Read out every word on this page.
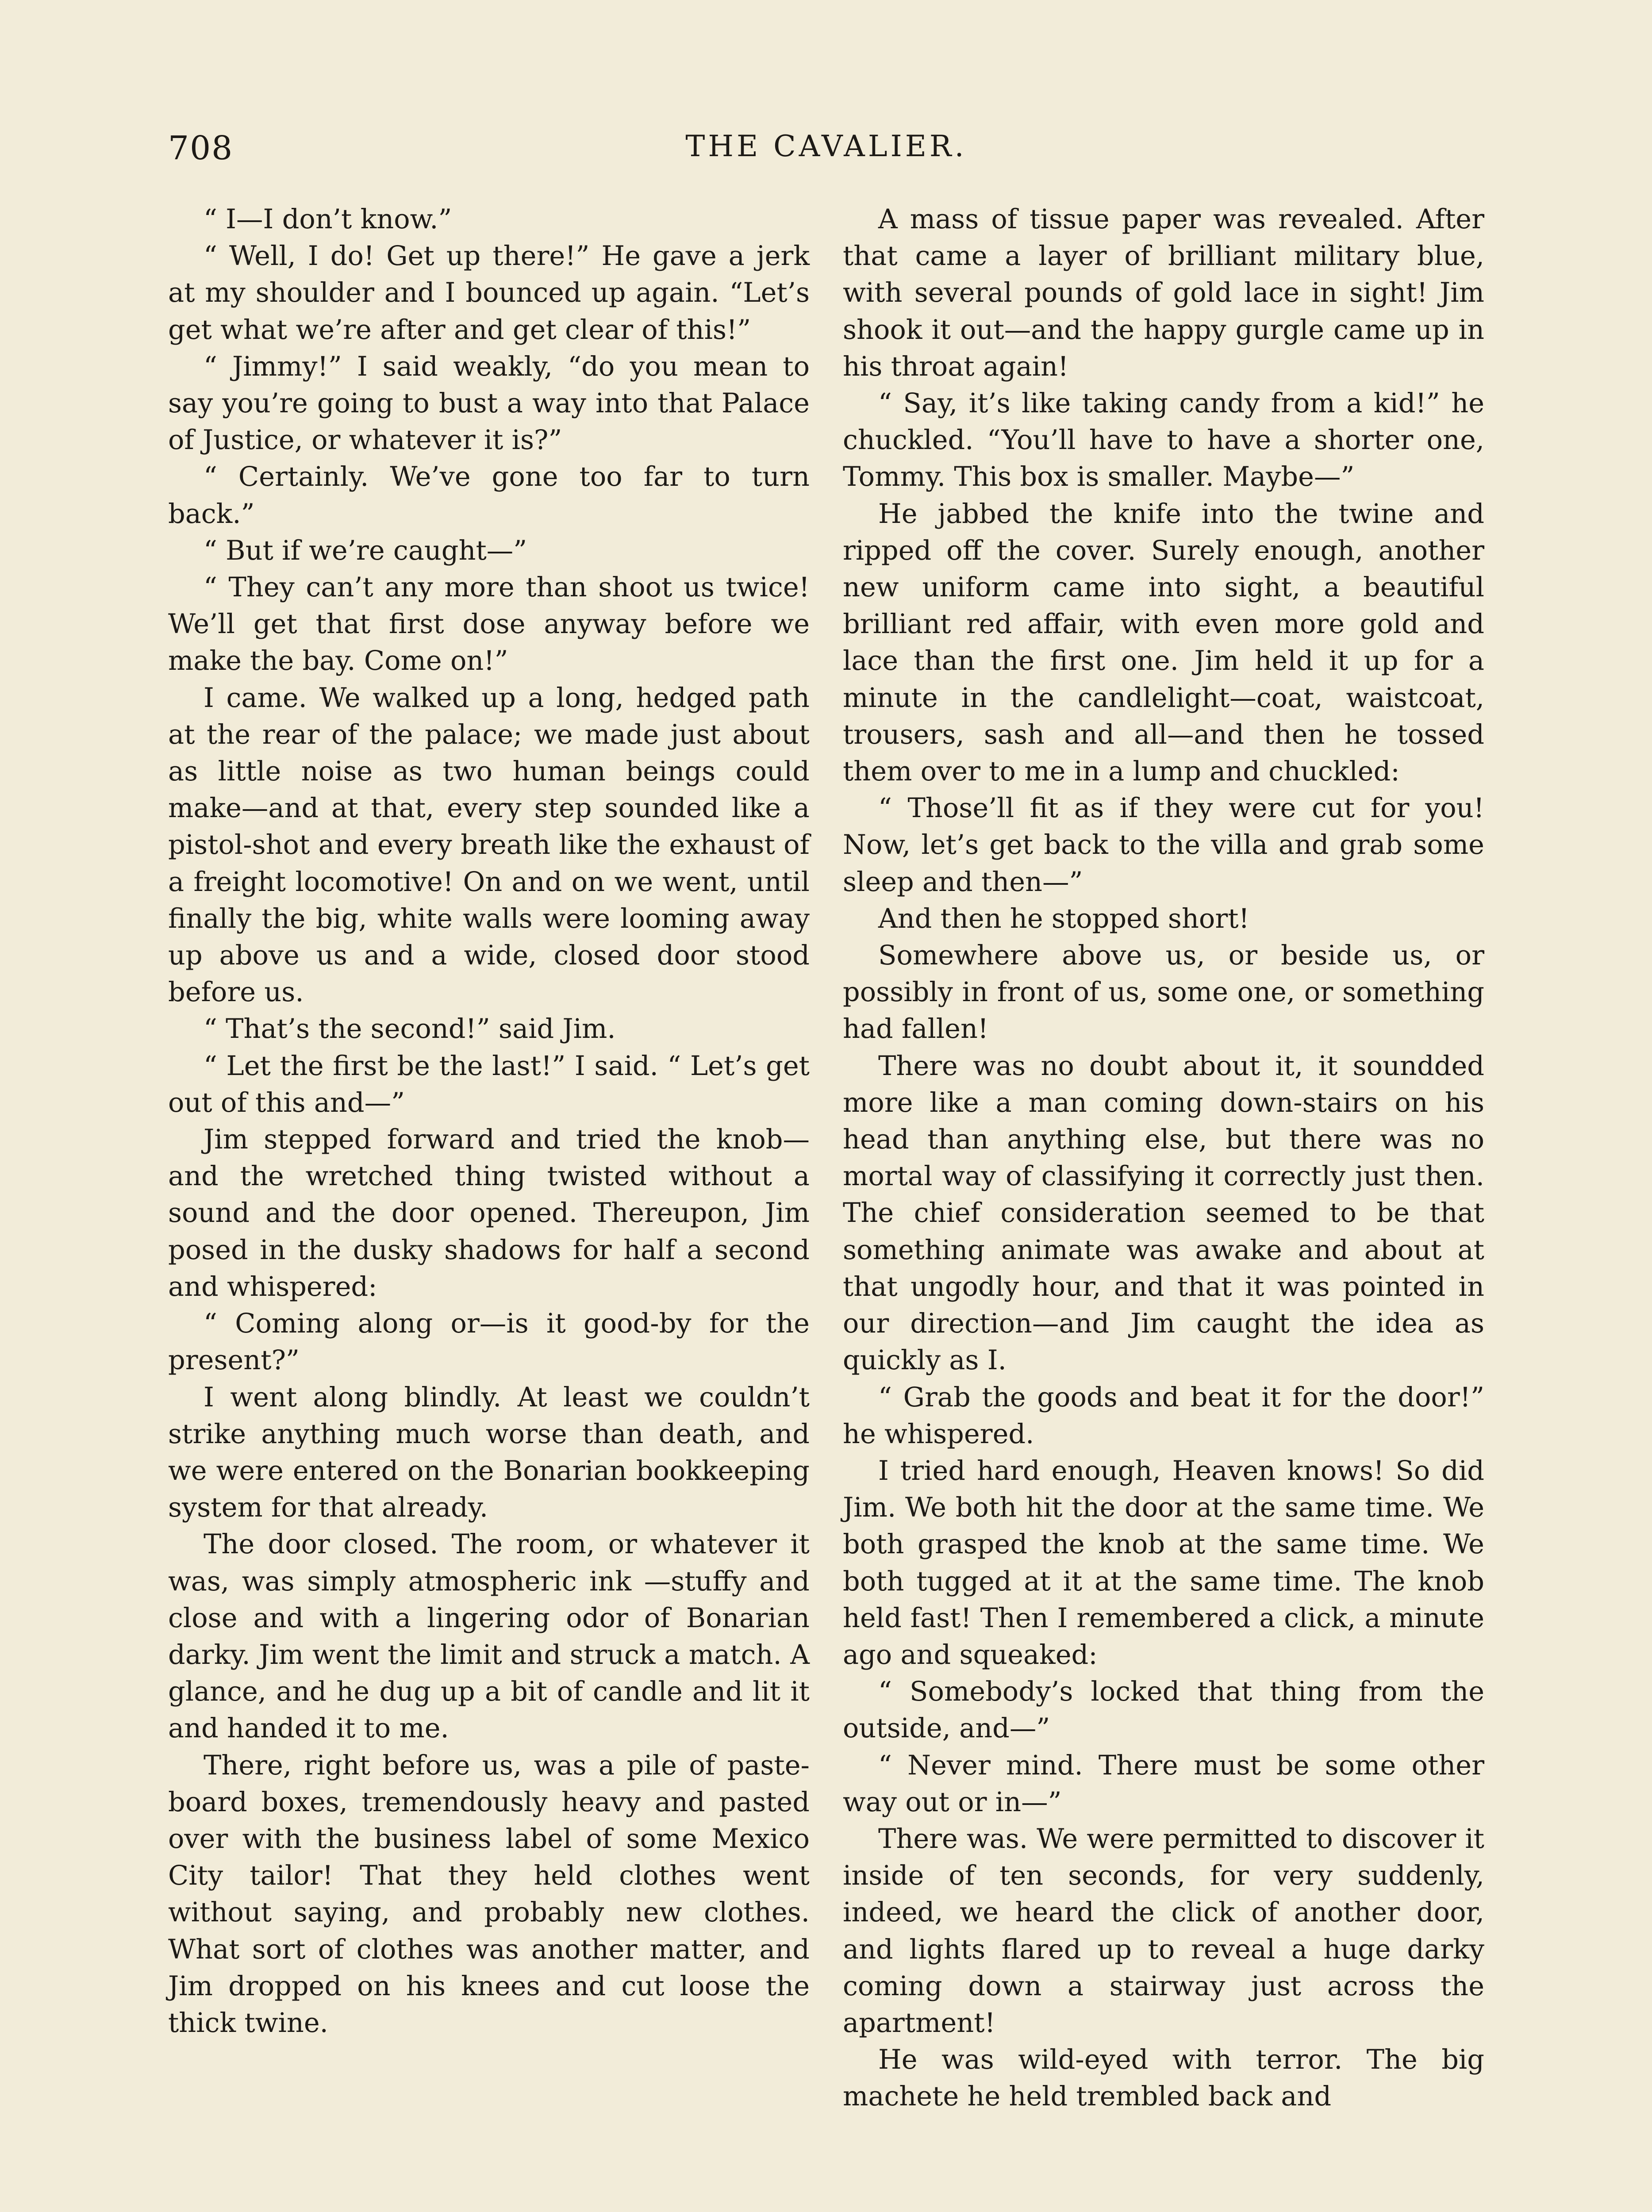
708	THE CAVALIER.

“ I—I don’t know.”

“ Well, I do! Get up there!” He gave a jerk at my shoulder and I bounced up again. “Let’s get what we’re after and get clear of this!”

“ Jimmy!” I said weakly, “do you mean to say you’re going to bust a way into that Palace of Justice, or whatever it is?”

“ Certainly. We’ve gone too far to turn back.”

“ But if we’re caught—”

“ They can’t any more than shoot us twice! We’ll get that first dose anyway before we make the bay. Come on!”

I came. We walked up a long, hedged path at the rear of the palace; we made just about as little noise as two human beings could make—and at that, every step sounded like a pistol-shot and every breath like the exhaust of a freight locomotive! On and on we went, until finally the big, white walls were looming away up above us and a wide, closed door stood before us.

“ That’s the second!” said Jim.

“ Let the first be the last!” I said. “ Let’s get out of this and—”

Jim stepped forward and tried the knob—and the wretched thing twisted without a sound and the door opened. Thereupon, Jim posed in the dusky shadows for half a second and whispered:

“ Coming along or—is it good-by for the present?”

I went along blindly. At least we couldn’t strike anything much worse than death, and we were entered on the Bonarian bookkeeping system for that already.

The door closed. The room, or whatever it was, was simply atmospheric ink —stuffy and close and with a lingering odor of Bonarian darky. Jim went the limit and struck a match. A glance, and he dug up a bit of candle and lit it and handed it to me.

There, right before us, was a pile of paste-board boxes, tremendously heavy and pasted over with the business label of some Mexico City tailor! That they held clothes went without saying, and probably new clothes. What sort of clothes was another matter, and Jim dropped on his knees and cut loose the thick twine.

A mass of tissue paper was revealed. After that came a layer of brilliant military blue, with several pounds of gold lace in sight! Jim shook it out—and the happy gurgle came up in his throat again!

“ Say, it’s like taking candy from a kid!” he chuckled. “You’ll have to have a shorter one, Tommy. This box is smaller. Maybe—”

He jabbed the knife into the twine and ripped off the cover. Surely enough, another new uniform came into sight, a beautiful brilliant red affair, with even more gold and lace than the first one. Jim held it up for a minute in the candlelight—coat, waistcoat, trousers, sash and all—and then he tossed them over to me in a lump and chuckled:

“ Those’ll fit as if they were cut for you! Now, let’s get back to the villa and grab some sleep and then—”

And then he stopped short!

Somewhere above us, or beside us, or possibly in front of us, some one, or something had fallen!

There was no doubt about it, it soundded more like a man coming down-stairs on his head than anything else, but there was no mortal way of classifying it correctly just then. The chief consideration seemed to be that something animate was awake and about at that ungodly hour, and that it was pointed in our direction—and Jim caught the idea as quickly as I.

“ Grab the goods and beat it for the door!” he whispered.

I tried hard enough, Heaven knows! So did Jim. We both hit the door at the same time. We both grasped the knob at the same time. We both tugged at it at the same time. The knob held fast! Then I remembered a click, a minute ago and squeaked:

“ Somebody’s locked that thing from the outside, and—”

“ Never mind. There must be some other way out or in—”

There was. We were permitted to discover it inside of ten seconds, for very suddenly, indeed, we heard the click of another door, and lights flared up to reveal a huge darky coming down a stairway just across the apartment!

He was wild-eyed with terror. The big machete he held trembled back and
